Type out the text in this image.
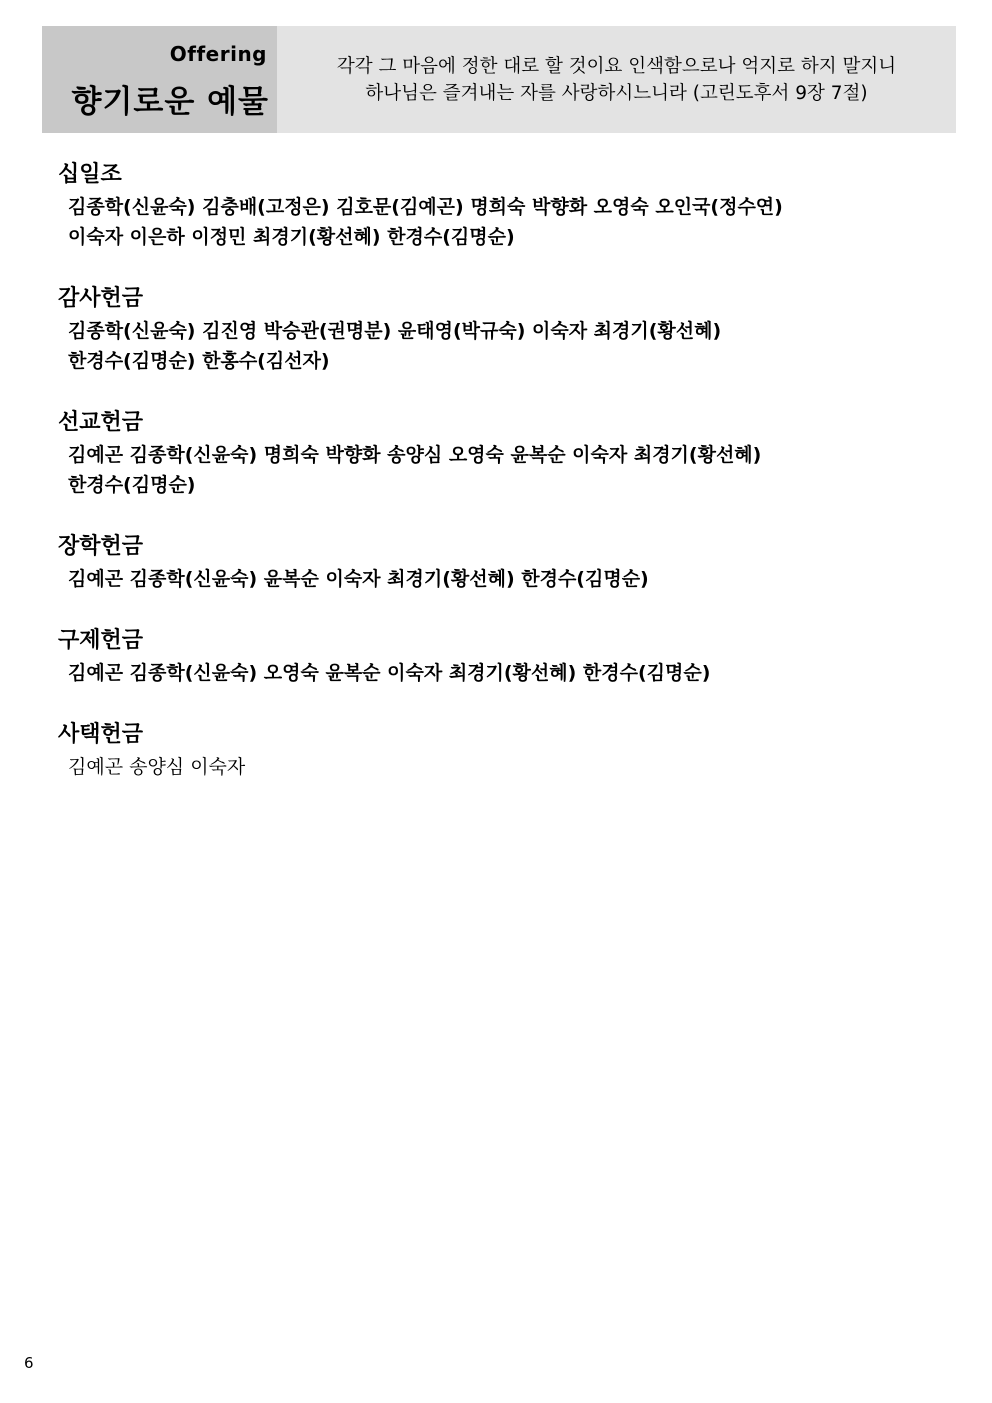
Offering
향기로운 예물
각각 그 마음에 정한 대로 할 것이요 인색함으로나 억지로 하지 말지니
하나님은 즐겨내는 자를 사랑하시느니라 (고린도후서 9장 7절)
십일조
김종학(신윤숙) 김충배(고정은) 김호문(김예곤) 명희숙 박향화 오영숙 오인국(정수연)
이숙자 이은하 이정민 최경기(황선혜) 한경수(김명순)
감사헌금
김종학(신윤숙) 김진영 박승관(권명분) 윤태영(박규숙) 이숙자 최경기(황선혜)
한경수(김명순) 한홍수(김선자)
선교헌금
김예곤 김종학(신윤숙) 명희숙 박향화 송양심 오영숙 윤복순 이숙자 최경기(황선혜)
한경수(김명순)
장학헌금
김예곤 김종학(신윤숙) 윤복순 이숙자 최경기(황선혜) 한경수(김명순)
구제헌금
김예곤 김종학(신윤숙) 오영숙 윤복순 이숙자 최경기(황선혜) 한경수(김명순)
사택헌금
김예곤 송양심 이숙자
6
